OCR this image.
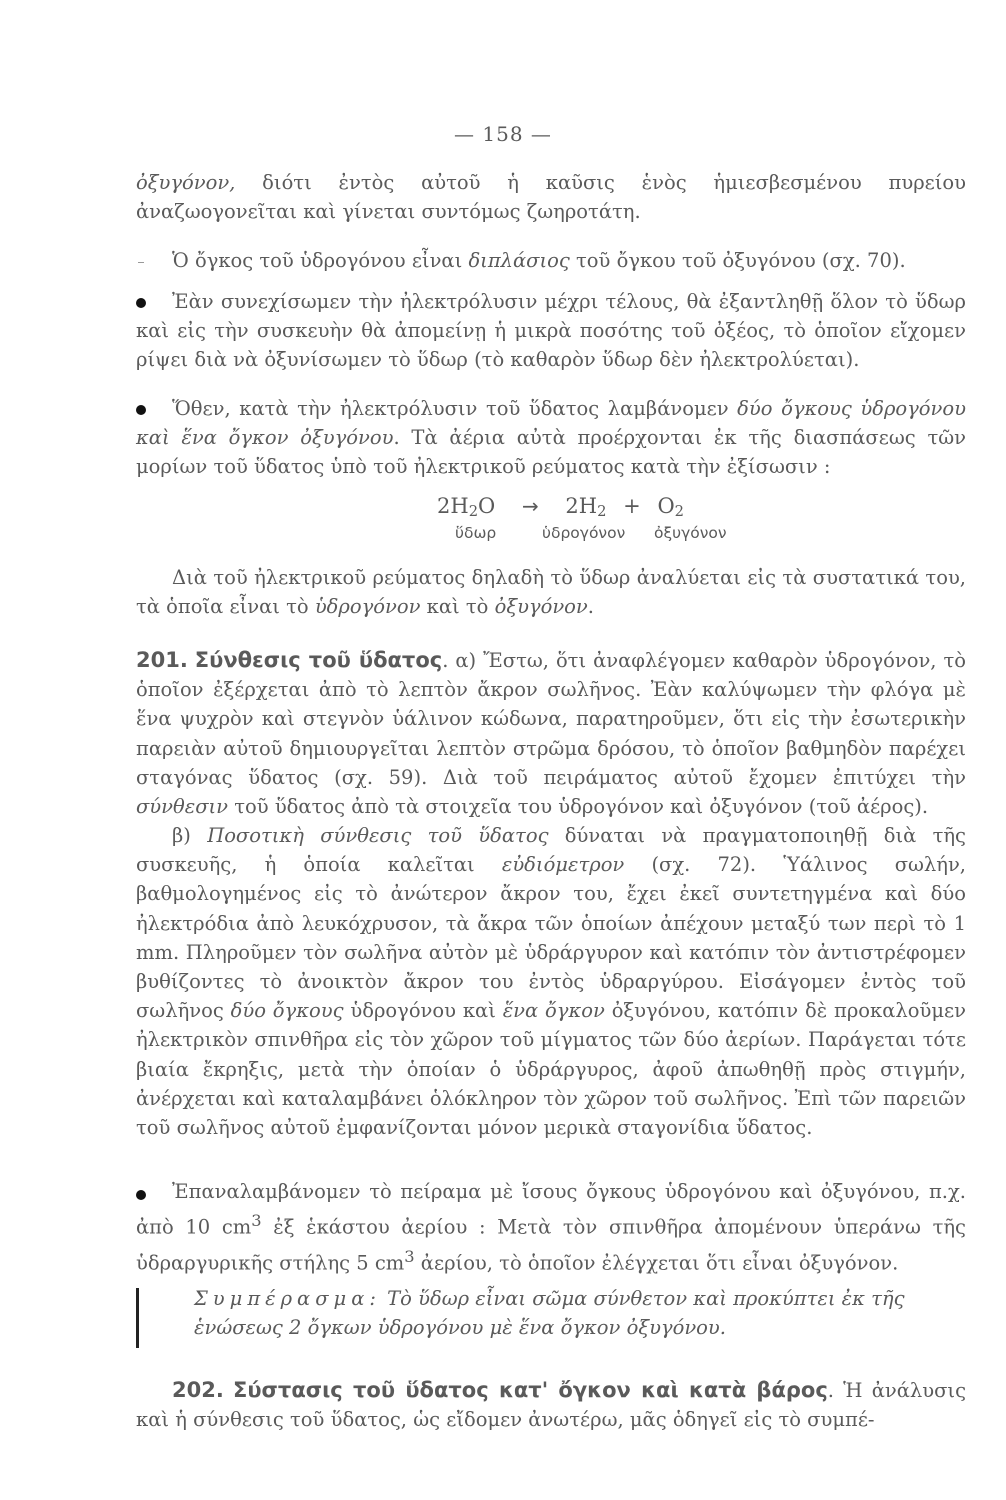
— 158 —

ὀξυγόνον, διότι ἐντὸς αὐτοῦ ἡ καῦσις ἑνὸς ἡμιεσβεσμένου πυρείου ἀναζωογονεῖται καὶ γίνεται συντόμως ζωηροτάτη.

Ὁ ὄγκος τοῦ ὑδρογόνου εἶναι διπλάσιος τοῦ ὄγκου τοῦ ὀξυγόνου (σχ. 70).

Ἐὰν συνεχίσωμεν τὴν ἠλεκτρόλυσιν μέχρι τέλους, θὰ ἐξαντληθῇ ὅλον τὸ ὕδωρ καὶ εἰς τὴν συσκευὴν θὰ ἀπομείνῃ ἡ μικρὰ ποσότης τοῦ ὀξέος, τὸ ὁποῖον εἴχομεν ρίψει διὰ νὰ ὀξυνίσωμεν τὸ ὕδωρ (τὸ καθαρὸν ὕδωρ δὲν ἠλεκτρολύεται).

Ὅθεν, κατὰ τὴν ἠλεκτρόλυσιν τοῦ ὕδατος λαμβάνομεν δύο ὄγκους ὑδρογόνου καὶ ἕνα ὄγκον ὀξυγόνου. Τὰ ἀέρια αὐτὰ προέρχονται ἐκ τῆς διασπάσεως τῶν μορίων τοῦ ὕδατος ὑπὸ τοῦ ἠλεκτρικοῦ ρεύματος κατὰ τὴν ἐξίσωσιν :

$2H_2O \to 2H_2 + O_2$
ὕδωρ	ὑδρογόνον ὀξυγόνον

Διὰ τοῦ ἠλεκτρικοῦ ρεύματος δηλαδὴ τὸ ὕδωρ ἀναλύεται εἰς τὰ συστατικά του, τὰ ὁποῖα εἶναι τὸ ὑδρογόνον καὶ τὸ ὀξυγόνον.

201. Σύνθεσις τοῦ ὕδατος. α) Ἔστω, ὅτι ἀναφλέγομεν καθαρὸν ὑδρογόνον, τὸ ὁποῖον ἐξέρχεται ἀπὸ τὸ λεπτὸν ἄκρον σωλῆνος. Ἐὰν καλύψωμεν τὴν φλόγα μὲ ἕνα ψυχρὸν καὶ στεγνὸν ὑάλινον κώδωνα, παρατηροῦμεν, ὅτι εἰς τὴν ἐσωτερικὴν παρειὰν αὐτοῦ δημιουργεῖται λεπτὸν στρῶμα δρόσου, τὸ ὁποῖον βαθμηδὸν παρέχει σταγόνας ὕδατος (σχ. 59). Διὰ τοῦ πειράματος αὐτοῦ ἔχομεν ἐπιτύχει τὴν σύνθεσιν τοῦ ὕδατος ἀπὸ τὰ στοιχεῖα του ὑδρογόνον καὶ ὀξυγόνον (τοῦ ἀέρος).

β) Ποσοτικὴ σύνθεσις τοῦ ὕδατος δύναται νὰ πραγματοποιηθῇ διὰ τῆς συσκευῆς, ἡ ὁποία καλεῖται εὐδιόμετρον (σχ. 72). Ὑάλινος σωλήν, βαθμολογημένος εἰς τὸ ἀνώτερον ἄκρον του, ἔχει ἐκεῖ συντετηγμένα καὶ δύο ἠλεκτρόδια ἀπὸ λευκόχρυσον, τὰ ἄκρα τῶν ὁποίων ἀπέχουν μεταξύ των περὶ τὸ 1 mm. Πληροῦμεν τὸν σωλῆνα αὐτὸν μὲ ὑδράργυρον καὶ κατόπιν τὸν ἀντιστρέφομεν βυθίζοντες τὸ ἀνοικτὸν ἄκρον του ἐντὸς ὑδραργύρου. Εἰσάγομεν ἐντὸς τοῦ σωλῆνος δύο ὄγκους ὑδρογόνου καὶ ἕνα ὄγκον ὀξυγόνου, κατόπιν δὲ προκαλοῦμεν ἠλεκτρικὸν σπινθῆρα εἰς τὸν χῶρον τοῦ μίγματος τῶν δύο ἀερίων. Παράγεται τότε βιαία ἔκρηξις, μετὰ τὴν ὁποίαν ὁ ὑδράργυρος, ἀφοῦ ἀπωθηθῇ πρὸς στιγμήν, ἀνέρχεται καὶ καταλαμβάνει ὁλόκληρον τὸν χῶρον τοῦ σωλῆνος. Ἐπὶ τῶν παρειῶν τοῦ σωλῆνος αὐτοῦ ἐμφανίζονται μόνον μερικὰ σταγονίδια ὕδατος.

Ἐπαναλαμβάνομεν τὸ πείραμα μὲ ἴσους ὄγκους ὑδρογόνου καὶ ὀξυγόνου, π.χ. ἀπὸ 10 $cm^3$ ἐξ ἑκάστου ἀερίου : Μετὰ τὸν σπινθῆρα ἀπομένουν ὑπεράνω τῆς ὑδραργυρικῆς στήλης 5 $cm^3$ ἀερίου, τὸ ὁποῖον ἐλέγχεται ὅτι εἶναι ὀξυγόνον.

Συμπέρασμα: Τὸ ὕδωρ εἶναι σῶμα σύνθετον καὶ προκύπτει ἐκ τῆς ἑνώσεως 2 ὄγκων ὑδρογόνου μὲ ἕνα ὄγκον ὀξυγόνου.

202. Σύστασις τοῦ ὕδατος κατ' ὄγκον καὶ κατὰ βάρος. Ἡ ἀνάλυσις καὶ ἡ σύνθεσις τοῦ ὕδατος, ὡς εἴδομεν ἀνωτέρω, μᾶς ὁδηγεῖ εἰς τὸ συμπέ-
